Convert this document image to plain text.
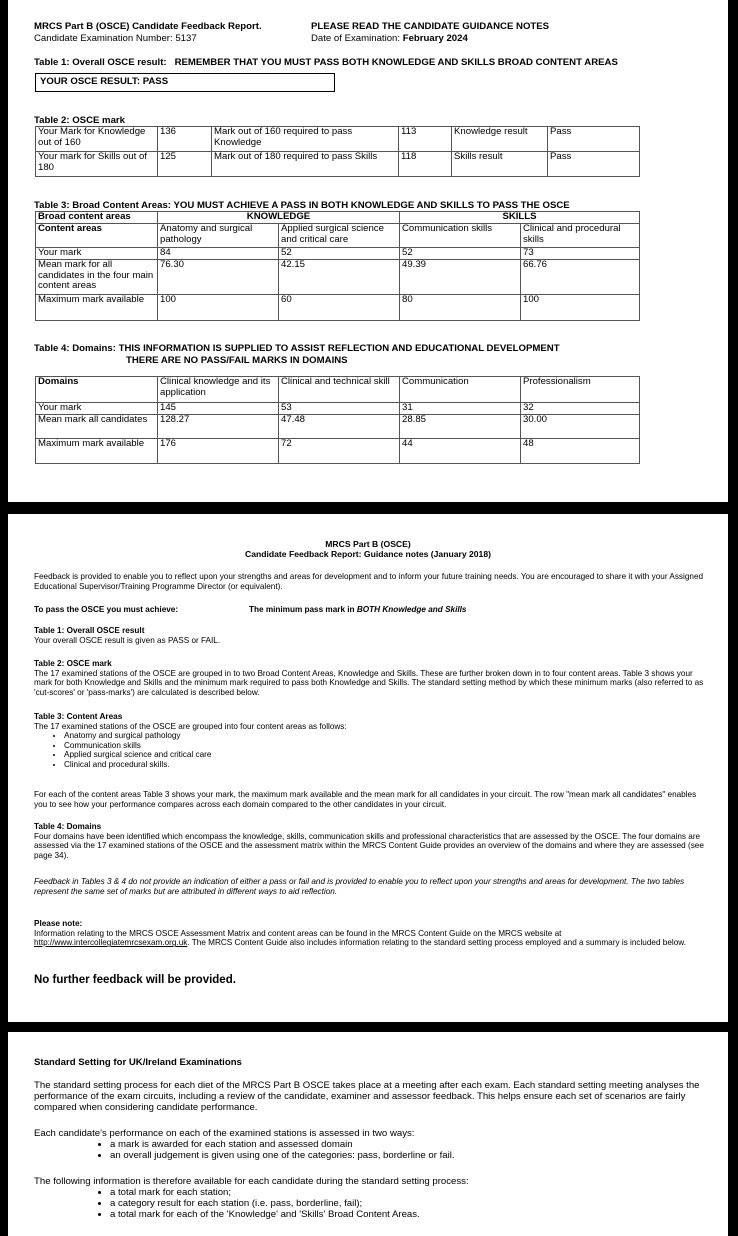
MRCS Part B (OSCE) Candidate Feedback Report.
Candidate Examination Number: 5137
PLEASE READ THE CANDIDATE GUIDANCE NOTES
Date of Examination: February 2024
Table 1: Overall OSCE result: REMEMBER THAT YOU MUST PASS BOTH KNOWLEDGE AND SKILLS BROAD CONTENT AREAS
YOUR OSCE RESULT: PASS
Table 2: OSCE mark
Your Mark for Knowledge out of 160	136	Mark out of 160 required to pass Knowledge	113	Knowledge result	Pass
Your mark for Skills out of 180	125	Mark out of 180 required to pass Skills	118	Skills result	Pass
Table 3: Broad Content Areas: YOU MUST ACHIEVE A PASS IN BOTH KNOWLEDGE AND SKILLS TO PASS THE OSCE
Broad content areas	KNOWLEDGE		SKILLS	
Content areas	Anatomy and surgical pathology	Applied surgical science and critical care	Communication skills	Clinical and procedural skills
Your mark	84	52	52	73
Mean mark for all candidates in the four main content areas	76.30	42.15	49.39	66.76
Maximum mark available	100	60	80	100
Table 4: Domains: THIS INFORMATION IS SUPPLIED TO ASSIST REFLECTION AND EDUCATIONAL DEVELOPMENT
THERE ARE NO PASS/FAIL MARKS IN DOMAINS
Domains	Clinical knowledge and its application	Clinical and technical skill	Communication	Professionalism
Your mark	145	53	31	32
Mean mark all candidates	128.27	47.48	28.85	30.00
Maximum mark available	176	72	44	48
MRCS Part B (OSCE)
Candidate Feedback Report: Guidance notes (January 2018)
Feedback is provided to enable you to reflect upon your strengths and areas for development and to inform your future training needs. You are encouraged to share it with your Assigned Educational Supervisor/Training Programme Director (or equivalent).
To pass the OSCE you must achieve:	The minimum pass mark in BOTH Knowledge and Skills

Table 1: Overall OSCE result

Your overall OSCE result is given as PASS or FAIL.

Table 2: OSCE mark

The 17 examined stations of the OSCE are grouped in to two Broad Content Areas, Knowledge and Skills. These are further broken down in to four content areas. Table 3 shows your mark for both Knowledge and Skills and the minimum mark required to pass both Knowledge and Skills. The standard setting method by which these minimum marks (also referred to as 'cut-scores' or 'pass-marks') are calculated is described below.

Table 3: Content Areas

The 17 examined stations of the OSCE are grouped into four content areas as follows:

• Anatomy and surgical pathology
• Communication skills
• Applied surgical science and critical care
• Clinical and procedural skills.
For each of the content areas Table 3 shows your mark, the maximum mark available and the mean mark for all candidates in your circuit. The row "mean mark all candidates" enables you to see how your performance compares across each domain compared to the other candidates in your circuit.

Table 4: Domains

Four domains have been identified which encompass the knowledge, skills, communication skills and professional characteristics that are assessed by the OSCE. The four domains are assessed via the 17 examined stations of the OSCE and the assessment matrix within the MRCS Content Guide provides an overview of the domains and where they are assessed (see page 34).

Feedback in Tables 3 & 4 do not provide an indication of either a pass or fail and is provided to enable you to reflect upon your strengths and areas for development. The two tables represent the same set of marks but are attributed in different ways to aid reflection.

Please note:

Information relating to the MRCS OSCE Assessment Matrix and content areas can be found in the MRCS Content Guide on the MRCS website at http://www.intercollegiatemrcsexam.org.uk. The MRCS Content Guide also includes information relating to the standard setting process employed and a summary is included below.

No further feedback will be provided.
Standard Setting for UK/Ireland Examinations
The standard setting process for each diet of the MRCS Part B OSCE takes place at a meeting after each exam. Each standard setting meeting analyses the performance of the exam circuits, including a review of the candidate, examiner and assessor feedback. This helps ensure each set of scenarios are fairly compared when considering candidate performance.

Each candidate's performance on each of the examined stations is assessed in two ways:

• a mark is awarded for each station and assessed domain
• an overall judgement is given using one of the categories: pass, borderline or fail.

The following information is therefore available for each candidate during the standard setting process:

• a total mark for each station;
• a category result for each station (i.e. pass, borderline, fail);
• a total mark for each of the 'Knowledge' and 'Skills' Broad Content Areas.
